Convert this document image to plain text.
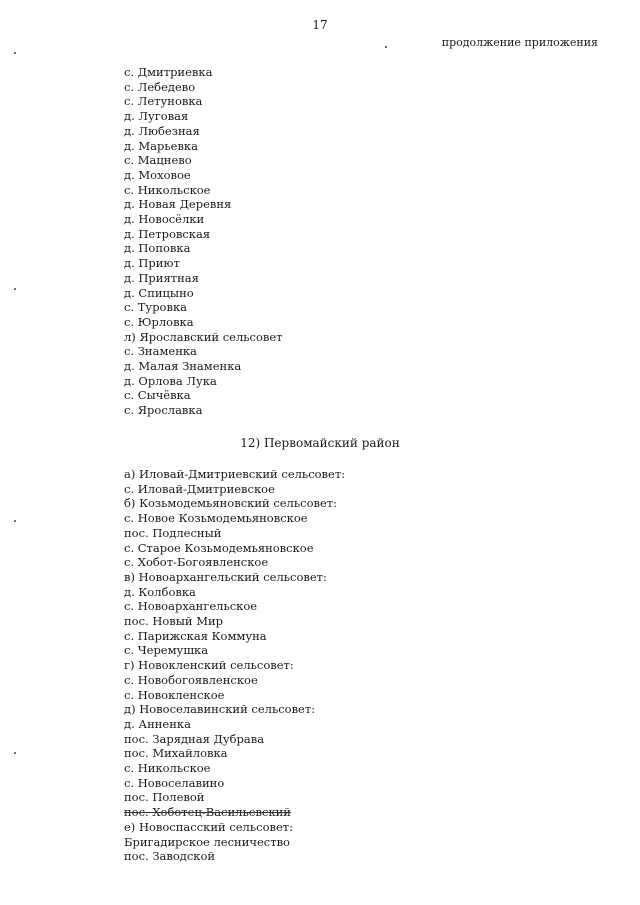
17
продолжение приложения
с. Дмитриевка
с. Лебедево
с. Летуновка
д. Луговая
д. Любезная
д. Марьевка
с. Мацнево
д. Моховое
с. Никольское
д. Новая Деревня
д. Новосёлки
д. Петровская
д. Поповка
д. Приют
д. Приятная
д. Спицыно
с. Туровка
с. Юрловка
л) Ярославский сельсовет
с. Знаменка
д. Малая Знаменка
д. Орлова Лука
с. Сычёвка
с. Ярославка
12) Первомайский район
а) Иловай-Дмитриевский сельсовет:
с. Иловай-Дмитриевское
б) Козьмодемьяновский сельсовет:
с. Новое Козьмодемьяновское
пос. Подлесный
с. Старое Козьмодемьяновское
с. Хобот-Богоявленское
в) Новоархангельский сельсовет:
д. Колбовка
с. Новоархангельское
пос. Новый Мир
с. Парижская Коммуна
с. Черемушка
г) Новокленский сельсовет:
с. Новобогоявленское
с. Новокленское
д) Новоселавинский сельсовет:
д. Анненка
пос. Зарядная Дубрава
пос. Михайловка
с. Никольское
с. Новоселавино
пос. Полевой
пос. Хоботец-Васильевский
е) Новоспасский сельсовет:
Бригадирское лесничество
пос. Заводской
